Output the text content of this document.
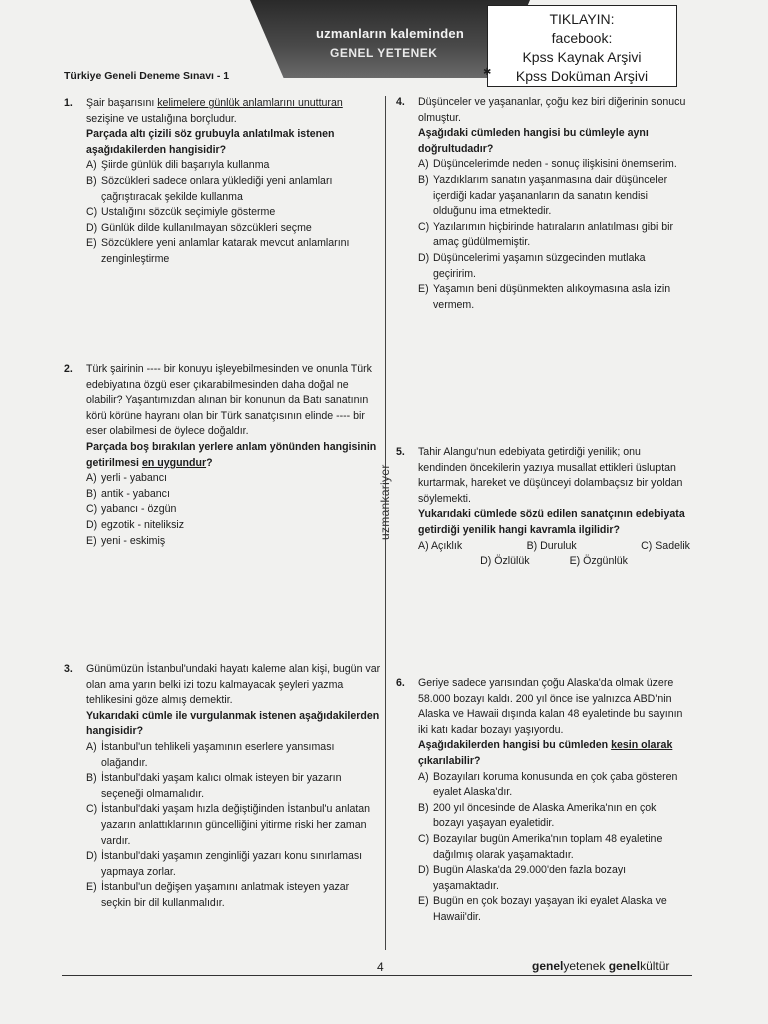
uzmanların kaleminden
GENEL YETENEK
TIKLAYIN:
facebook:
Kpss Kaynak Arşivi
Kpss Doküman Arşivi
Türkiye Geneli Deneme Sınavı - 1	✱
uzmankariyer
1. Şair başarısını kelimelere günlük anlamlarını unutturan sezişine ve ustalığına borçludur.

Parçada altı çizili söz grubuyla anlatılmak istenen aşağıdakilerden hangisidir?

A) Şiirde günlük dili başarıyla kullanma
B) Sözcükleri sadece onlara yüklediği yeni anlamları çağrıştıracak şekilde kullanma
C) Ustalığını sözcük seçimiyle gösterme
D) Günlük dilde kullanılmayan sözcükleri seçme
E) Sözcüklere yeni anlamlar katarak mevcut anlamlarını zenginleştirme
2. Türk şairinin ---- bir konuyu işleyebilmesinden ve onunla Türk edebiyatına özgü eser çıkarabilmesinden daha doğal ne olabilir? Yaşantımızdan alınan bir konunun da Batı sanatının körü körüne hayranı olan bir Türk sanatçısının elinde ---- bir eser olabilmesi de öylece doğaldır.

Parçada boş bırakılan yerlere anlam yönünden hangisinin getirilmesi en uygundur?

A) yerli - yabancı
B) antik - yabancı
C) yabancı - özgün
D) egzotik - niteliksiz
E) yeni - eskimiş
3. Günümüzün İstanbul'undaki hayatı kaleme alan kişi, bugün var olan ama yarın belki izi tozu kalmayacak şeyleri yazma tehlikesini göze almış demektir.

Yukarıdaki cümle ile vurgulanmak istenen aşağıdakilerden hangisidir?

A) İstanbul'un tehlikeli yaşamının eserlere yansıması olağandır.
B) İstanbul'daki yaşam kalıcı olmak isteyen bir yazarın seçeneği olmamalıdır.
C) İstanbul'daki yaşam hızla değiştiğinden İstanbul'u anlatan yazarın anlattıklarının güncelliğini yitirme riski her zaman vardır.
D) İstanbul'daki yaşamın zenginliği yazarı konu sınırlaması yapmaya zorlar.
E) İstanbul'un değişen yaşamını anlatmak isteyen yazar seçkin bir dil kullanmalıdır.
4. Düşünceler ve yaşananlar, çoğu kez biri diğerinin sonucu olmuştur.

Aşağıdaki cümleden hangisi bu cümleyle aynı doğrultudadır?

A) Düşüncelerimde neden - sonuç ilişkisini önemserim.
B) Yazdıklarım sanatın yaşanmasına dair düşünceler içerdiği kadar yaşananların da sanatın kendisi olduğunu ima etmektedir.
C) Yazılarımın hiçbirinde hatıraların anlatılması gibi bir amaç güdülmemiştir.
D) Düşüncelerimi yaşamın süzgecinden mutlaka geçiririm.
E) Yaşamın beni düşünmekten alıkoymasına asla izin vermem.
5. Tahir Alangu'nun edebiyata getirdiği yenilik; onu kendinden öncekilerin yazıya musallat ettikleri üsluptan kurtarmak, hareket ve düşünceyi dolambaçsız bir yoldan söylemekti.

Yukarıdaki cümlede sözü edilen sanatçının edebiyata getirdiği yenilik hangi kavramla ilgilidir?

A) Açıklık	B) Duruluk	C) Sadelik
D) Özlülük	E) Özgünlük
6. Geriye sadece yarısından çoğu Alaska'da olmak üzere 58.000 bozayı kaldı. 200 yıl önce ise yalnızca ABD'nin Alaska ve Hawaii dışında kalan 48 eyaletinde bu sayının iki katı kadar bozayı yaşıyordu.

Aşağıdakilerden hangisi bu cümleden kesin olarak çıkarılabilir?

A) Bozayıları koruma konusunda en çok çaba gösteren eyalet Alaska'dır.
B) 200 yıl öncesinde de Alaska Amerika'nın en çok bozayı yaşayan eyaletidir.
C) Bozayılar bugün Amerika'nın toplam 48 eyaletine dağılmış olarak yaşamaktadır.
D) Bugün Alaska'da 29.000'den fazla bozayı yaşamaktadır.
E) Bugün en çok bozayı yaşayan iki eyalet Alaska ve Hawaii'dir.
4	genelyetenek genelkültür
